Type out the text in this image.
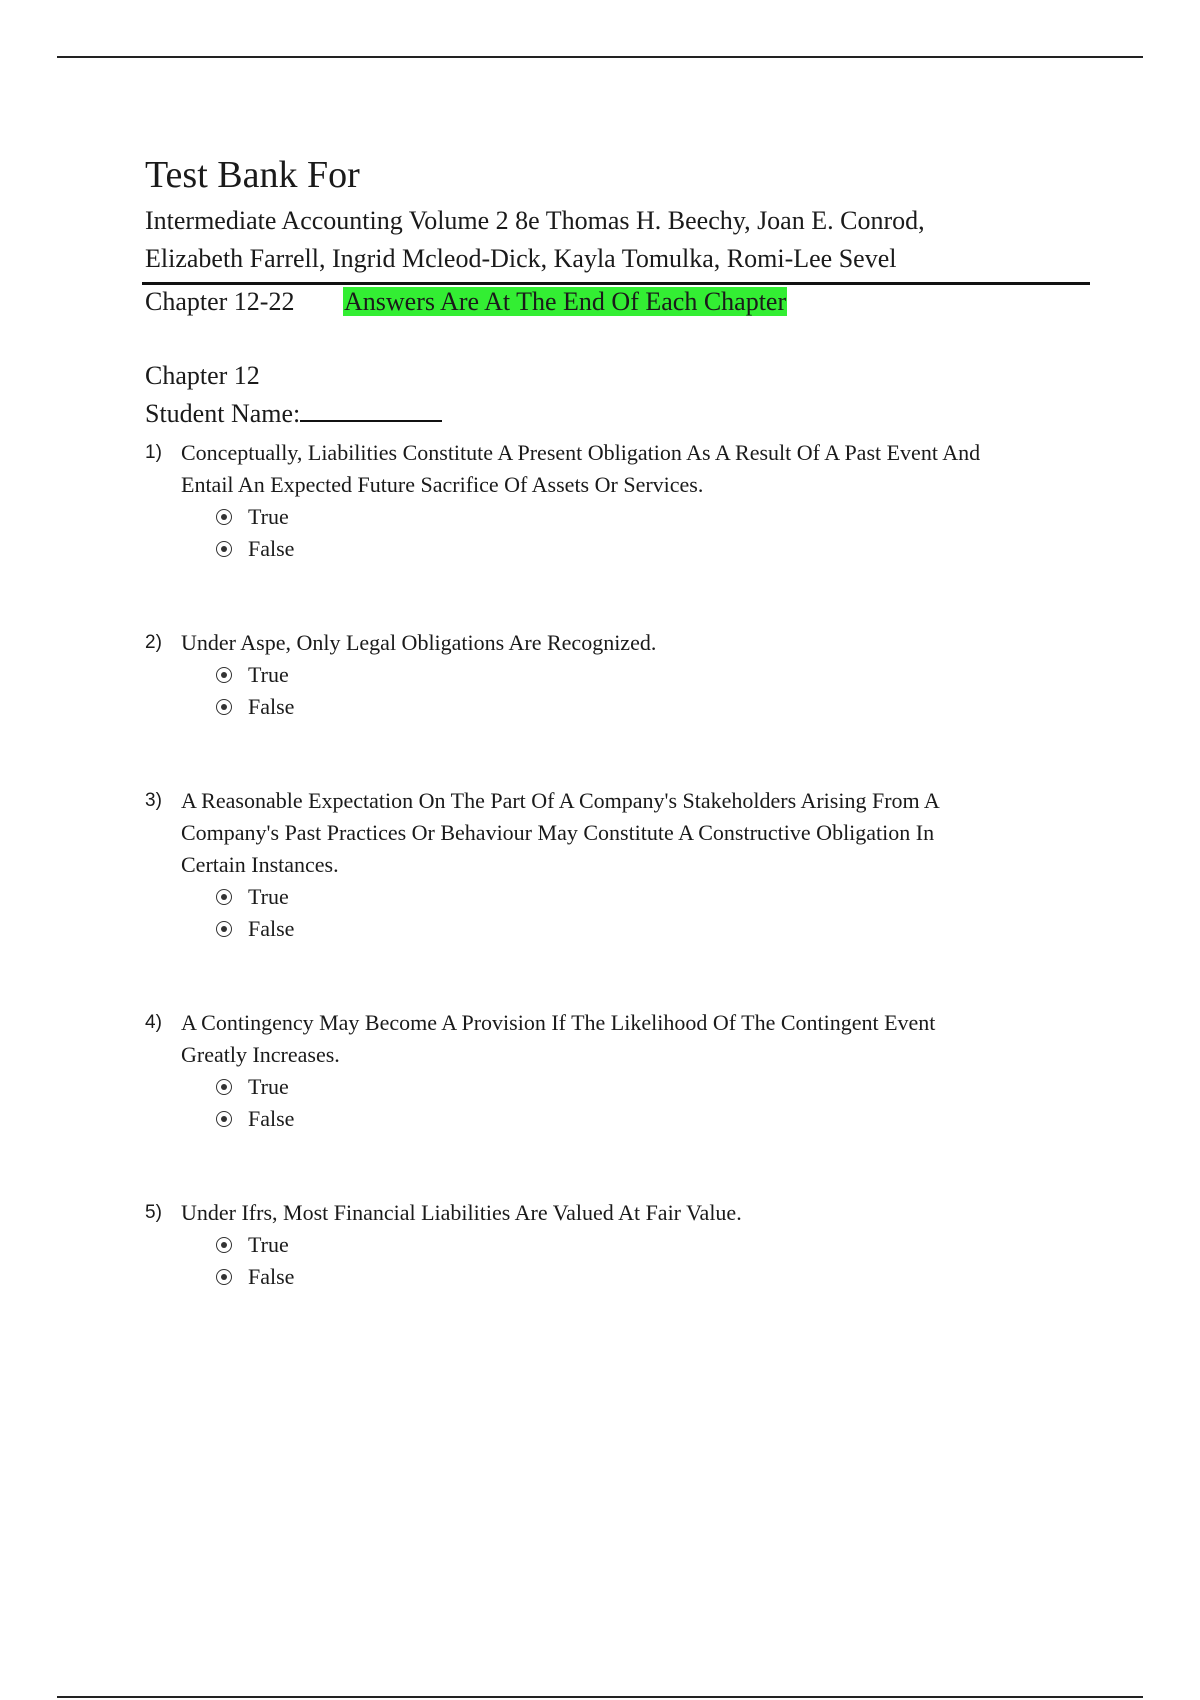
Test Bank For
Intermediate Accounting Volume 2 8e Thomas H. Beechy, Joan E. Conrod,
Elizabeth Farrell, Ingrid Mcleod-Dick, Kayla Tomulka, Romi-Lee Sevel
Chapter 12-22 Answers Are At The End Of Each Chapter
Chapter 12
Student Name:
1) Conceptually, Liabilities Constitute A Present Obligation As A Result Of A Past Event And
Entail An Expected Future Sacrifice Of Assets Or Services.
True
False
2) Under Aspe, Only Legal Obligations Are Recognized.
True
False
3) A Reasonable Expectation On The Part Of A Company's Stakeholders Arising From A
Company's Past Practices Or Behaviour May Constitute A Constructive Obligation In
Certain Instances.
True
False
4) A Contingency May Become A Provision If The Likelihood Of The Contingent Event
Greatly Increases.
True
False
5) Under Ifrs, Most Financial Liabilities Are Valued At Fair Value.
True
False
